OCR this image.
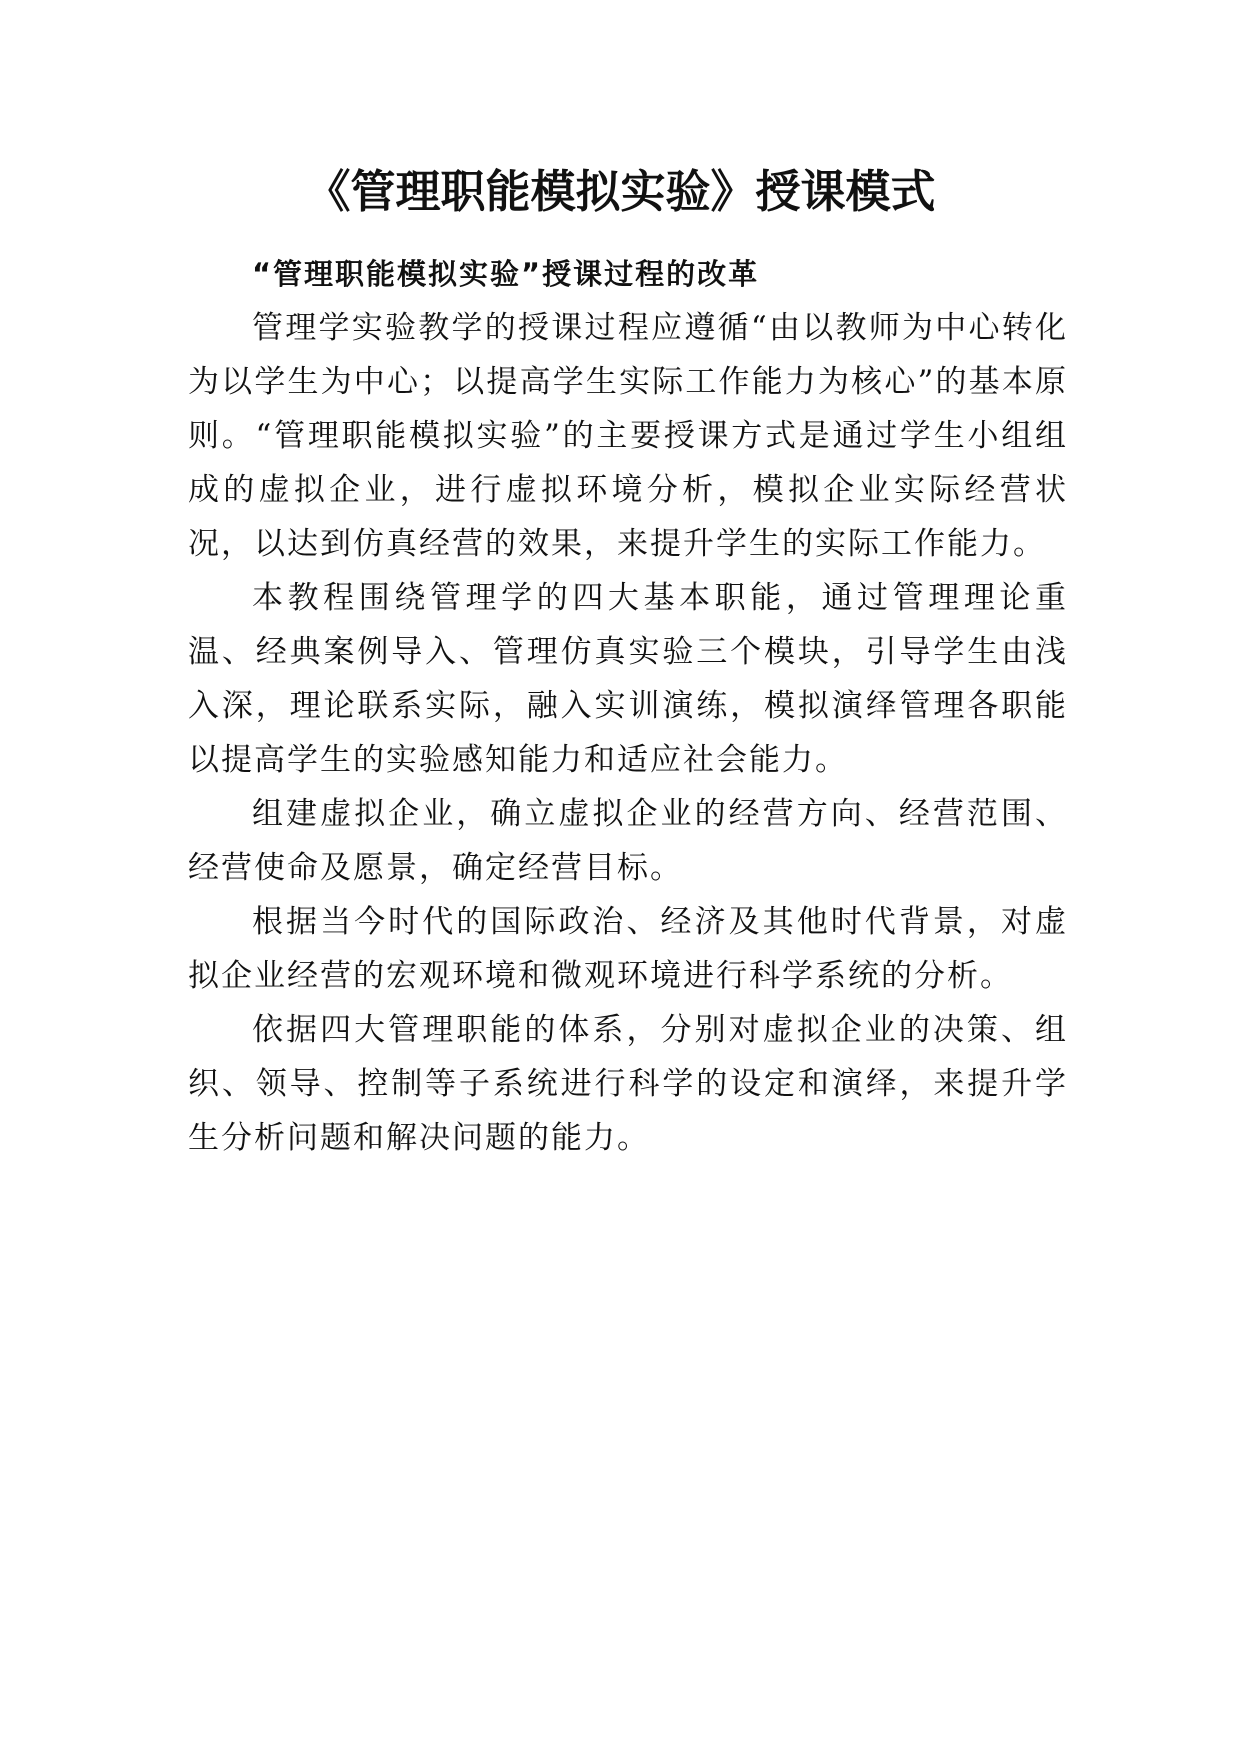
《管理职能模拟实验》授课模式

“管理职能模拟实验”授课过程的改革

管理学实验教学的授课过程应遵循“由以教师为中心转化为以学生为中心；以提高学生实际工作能力为核心”的基本原则。“管理职能模拟实验”的主要授课方式是通过学生小组组成的虚拟企业，进行虚拟环境分析，模拟企业实际经营状况，以达到仿真经营的效果，来提升学生的实际工作能力。

本教程围绕管理学的四大基本职能，通过管理理论重温、经典案例导入、管理仿真实验三个模块，引导学生由浅入深，理论联系实际，融入实训演练，模拟演绎管理各职能以提高学生的实验感知能力和适应社会能力。

组建虚拟企业，确立虚拟企业的经营方向、经营范围、经营使命及愿景，确定经营目标。

根据当今时代的国际政治、经济及其他时代背景，对虚拟企业经营的宏观环境和微观环境进行科学系统的分析。

依据四大管理职能的体系，分别对虚拟企业的决策、组织、领导、控制等子系统进行科学的设定和演绎，来提升学生分析问题和解决问题的能力。
